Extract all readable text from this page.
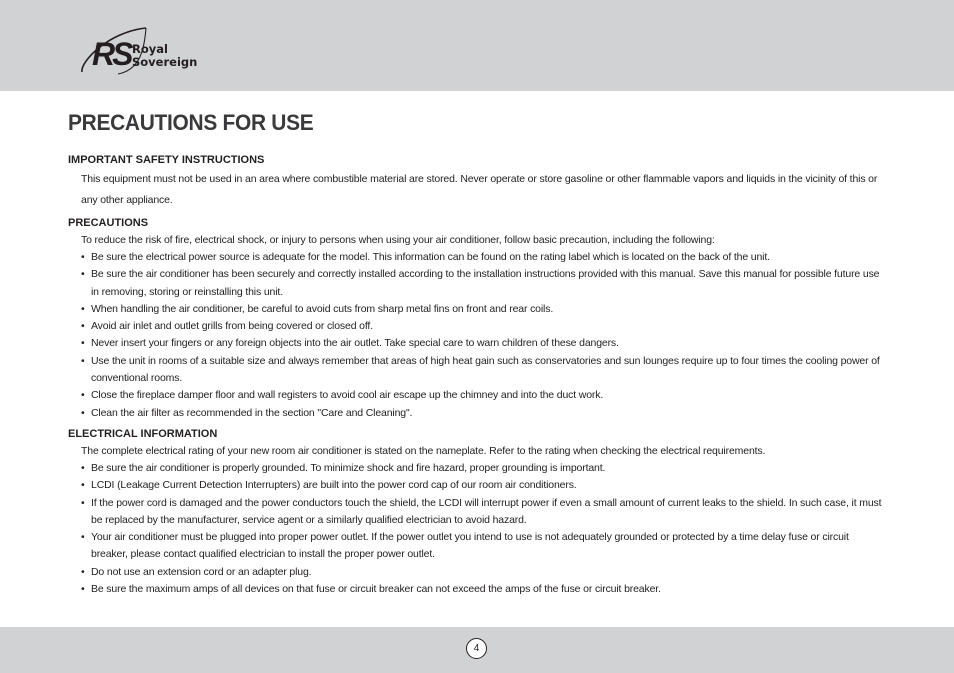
RS Royal
Sovereign
PRECAUTIONS FOR USE
IMPORTANT SAFETY INSTRUCTIONS

This equipment must not be used in an area where combustible material are stored. Never operate or store gasoline or other flammable vapors and liquids in the vicinity of this or any other appliance.

PRECAUTIONS

To reduce the risk of fire, electrical shock, or injury to persons when using your air conditioner, follow basic precaution, including the following:

• Be sure the electrical power source is adequate for the model. This information can be found on the rating label which is located on the back of the unit.
• Be sure the air conditioner has been securely and correctly installed according to the installation instructions provided with this manual. Save this manual for possible future use in removing, storing or reinstalling this unit.
• When handling the air conditioner, be careful to avoid cuts from sharp metal fins on front and rear coils.
• Avoid air inlet and outlet grills from being covered or closed off.
• Never insert your fingers or any foreign objects into the air outlet. Take special care to warn children of these dangers.
• Use the unit in rooms of a suitable size and always remember that areas of high heat gain such as conservatories and sun lounges require up to four times the cooling power of conventional rooms.
• Close the fireplace damper floor and wall registers to avoid cool air escape up the chimney and into the duct work.
• Clean the air filter as recommended in the section "Care and Cleaning".
ELECTRICAL INFORMATION

The complete electrical rating of your new room air conditioner is stated on the nameplate. Refer to the rating when checking the electrical requirements.

• Be sure the air conditioner is properly grounded. To minimize shock and fire hazard, proper grounding is important.
• LCDI (Leakage Current Detection Interrupters) are built into the power cord cap of our room air conditioners.
• If the power cord is damaged and the power conductors touch the shield, the LCDI will interrupt power if even a small amount of current leaks to the shield. In such case, it must be replaced by the manufacturer, service agent or a similarly qualified electrician to avoid hazard.
• Your air conditioner must be plugged into proper power outlet. If the power outlet you intend to use is not adequately grounded or protected by a time delay fuse or circuit breaker, please contact qualified electrician to install the proper power outlet.
• Do not use an extension cord or an adapter plug.
• Be sure the maximum amps of all devices on that fuse or circuit breaker can not exceed the amps of the fuse or circuit breaker.
4
